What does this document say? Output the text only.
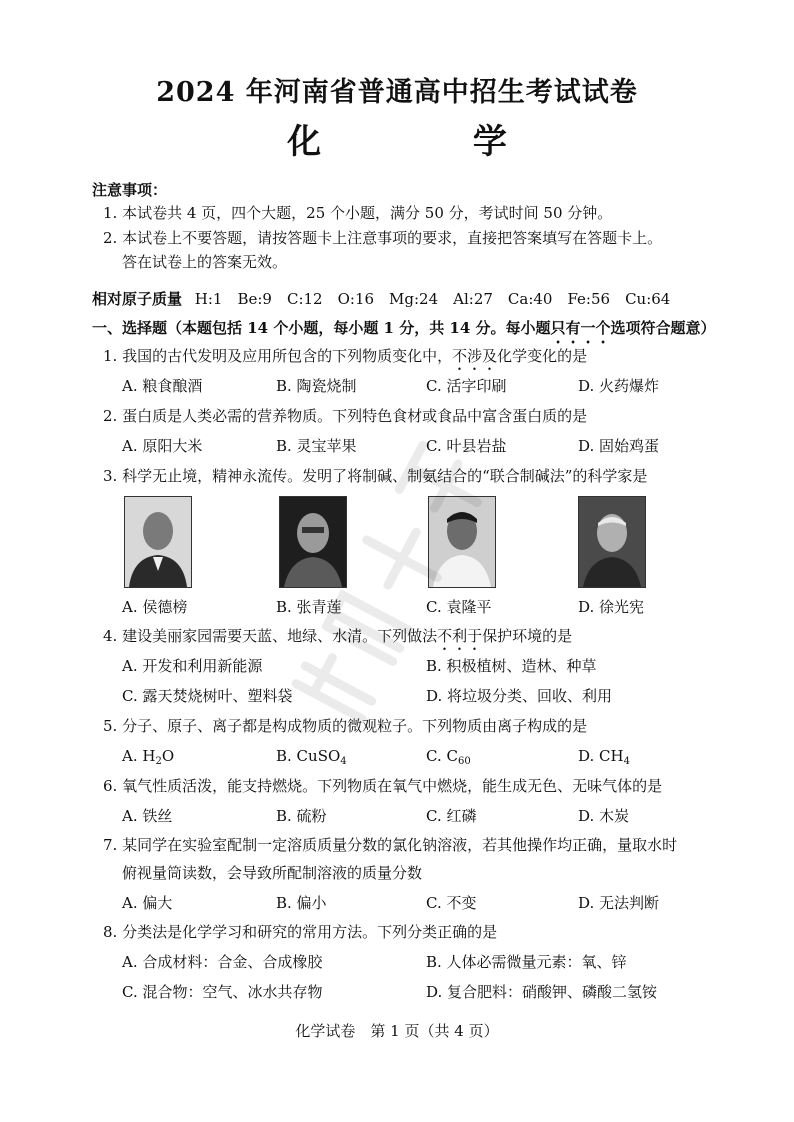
2024 年河南省普通高中招生考试试卷
化 学
注意事项：
1. 本试卷共 4 页，四个大题，25 个小题，满分 50 分，考试时间 50 分钟。
2. 本试卷上不要答题，请按答题卡上注意事项的要求，直接把答案填写在答题卡上。
答在试卷上的答案无效。
相对原子质量 H:1　Be:9　C:12　O:16　Mg:24　Al:27　Ca:40　Fe:56　Cu:64
一、选择题（本题包括 14 个小题，每小题 1 分，共 14 分。每小题只有一个选项符合题意）
1. 我国的古代发明及应用所包含的下列物质变化中，不涉及化学变化的是
A. 粮食酿酒	B. 陶瓷烧制	C. 活字印刷	D. 火药爆炸
2. 蛋白质是人类必需的营养物质。下列特色食材或食品中富含蛋白质的是
A. 原阳大米	B. 灵宝苹果	C. 叶县岩盐	D. 固始鸡蛋
3. 科学无止境，精神永流传。发明了将制碱、制氨结合的“联合制碱法”的科学家是
A. 侯德榜	B. 张青莲	C. 袁隆平	D. 徐光宪
4. 建设美丽家园需要天蓝、地绿、水清。下列做法不利于保护环境的是
A. 开发和利用新能源	B. 积极植树、造林、种草
C. 露天焚烧树叶、塑料袋	D. 将垃圾分类、回收、利用
5. 分子、原子、离子都是构成物质的微观粒子。下列物质由离子构成的是
A. $H_2O$	B. CuSO$_4$	C. $C_{60}$	D. $CH_4$
6. 氧气性质活泼，能支持燃烧。下列物质在氧气中燃烧，能生成无色、无味气体的是
A. 铁丝	B. 硫粉	C. 红磷	D. 木炭
7. 某同学在实验室配制一定溶质质量分数的氯化钠溶液，若其他操作均正确，量取水时
俯视量筒读数，会导致所配制溶液的质量分数
A. 偏大	B. 偏小	C. 不变	D. 无法判断
8. 分类法是化学学习和研究的常用方法。下列分类正确的是
A. 合成材料：合金、合成橡胶	B. 人体必需微量元素：氧、锌
C. 混合物：空气、冰水共存物	D. 复合肥料：硝酸钾、磷酸二氢铵
化学试卷　第 1 页（共 4 页）
